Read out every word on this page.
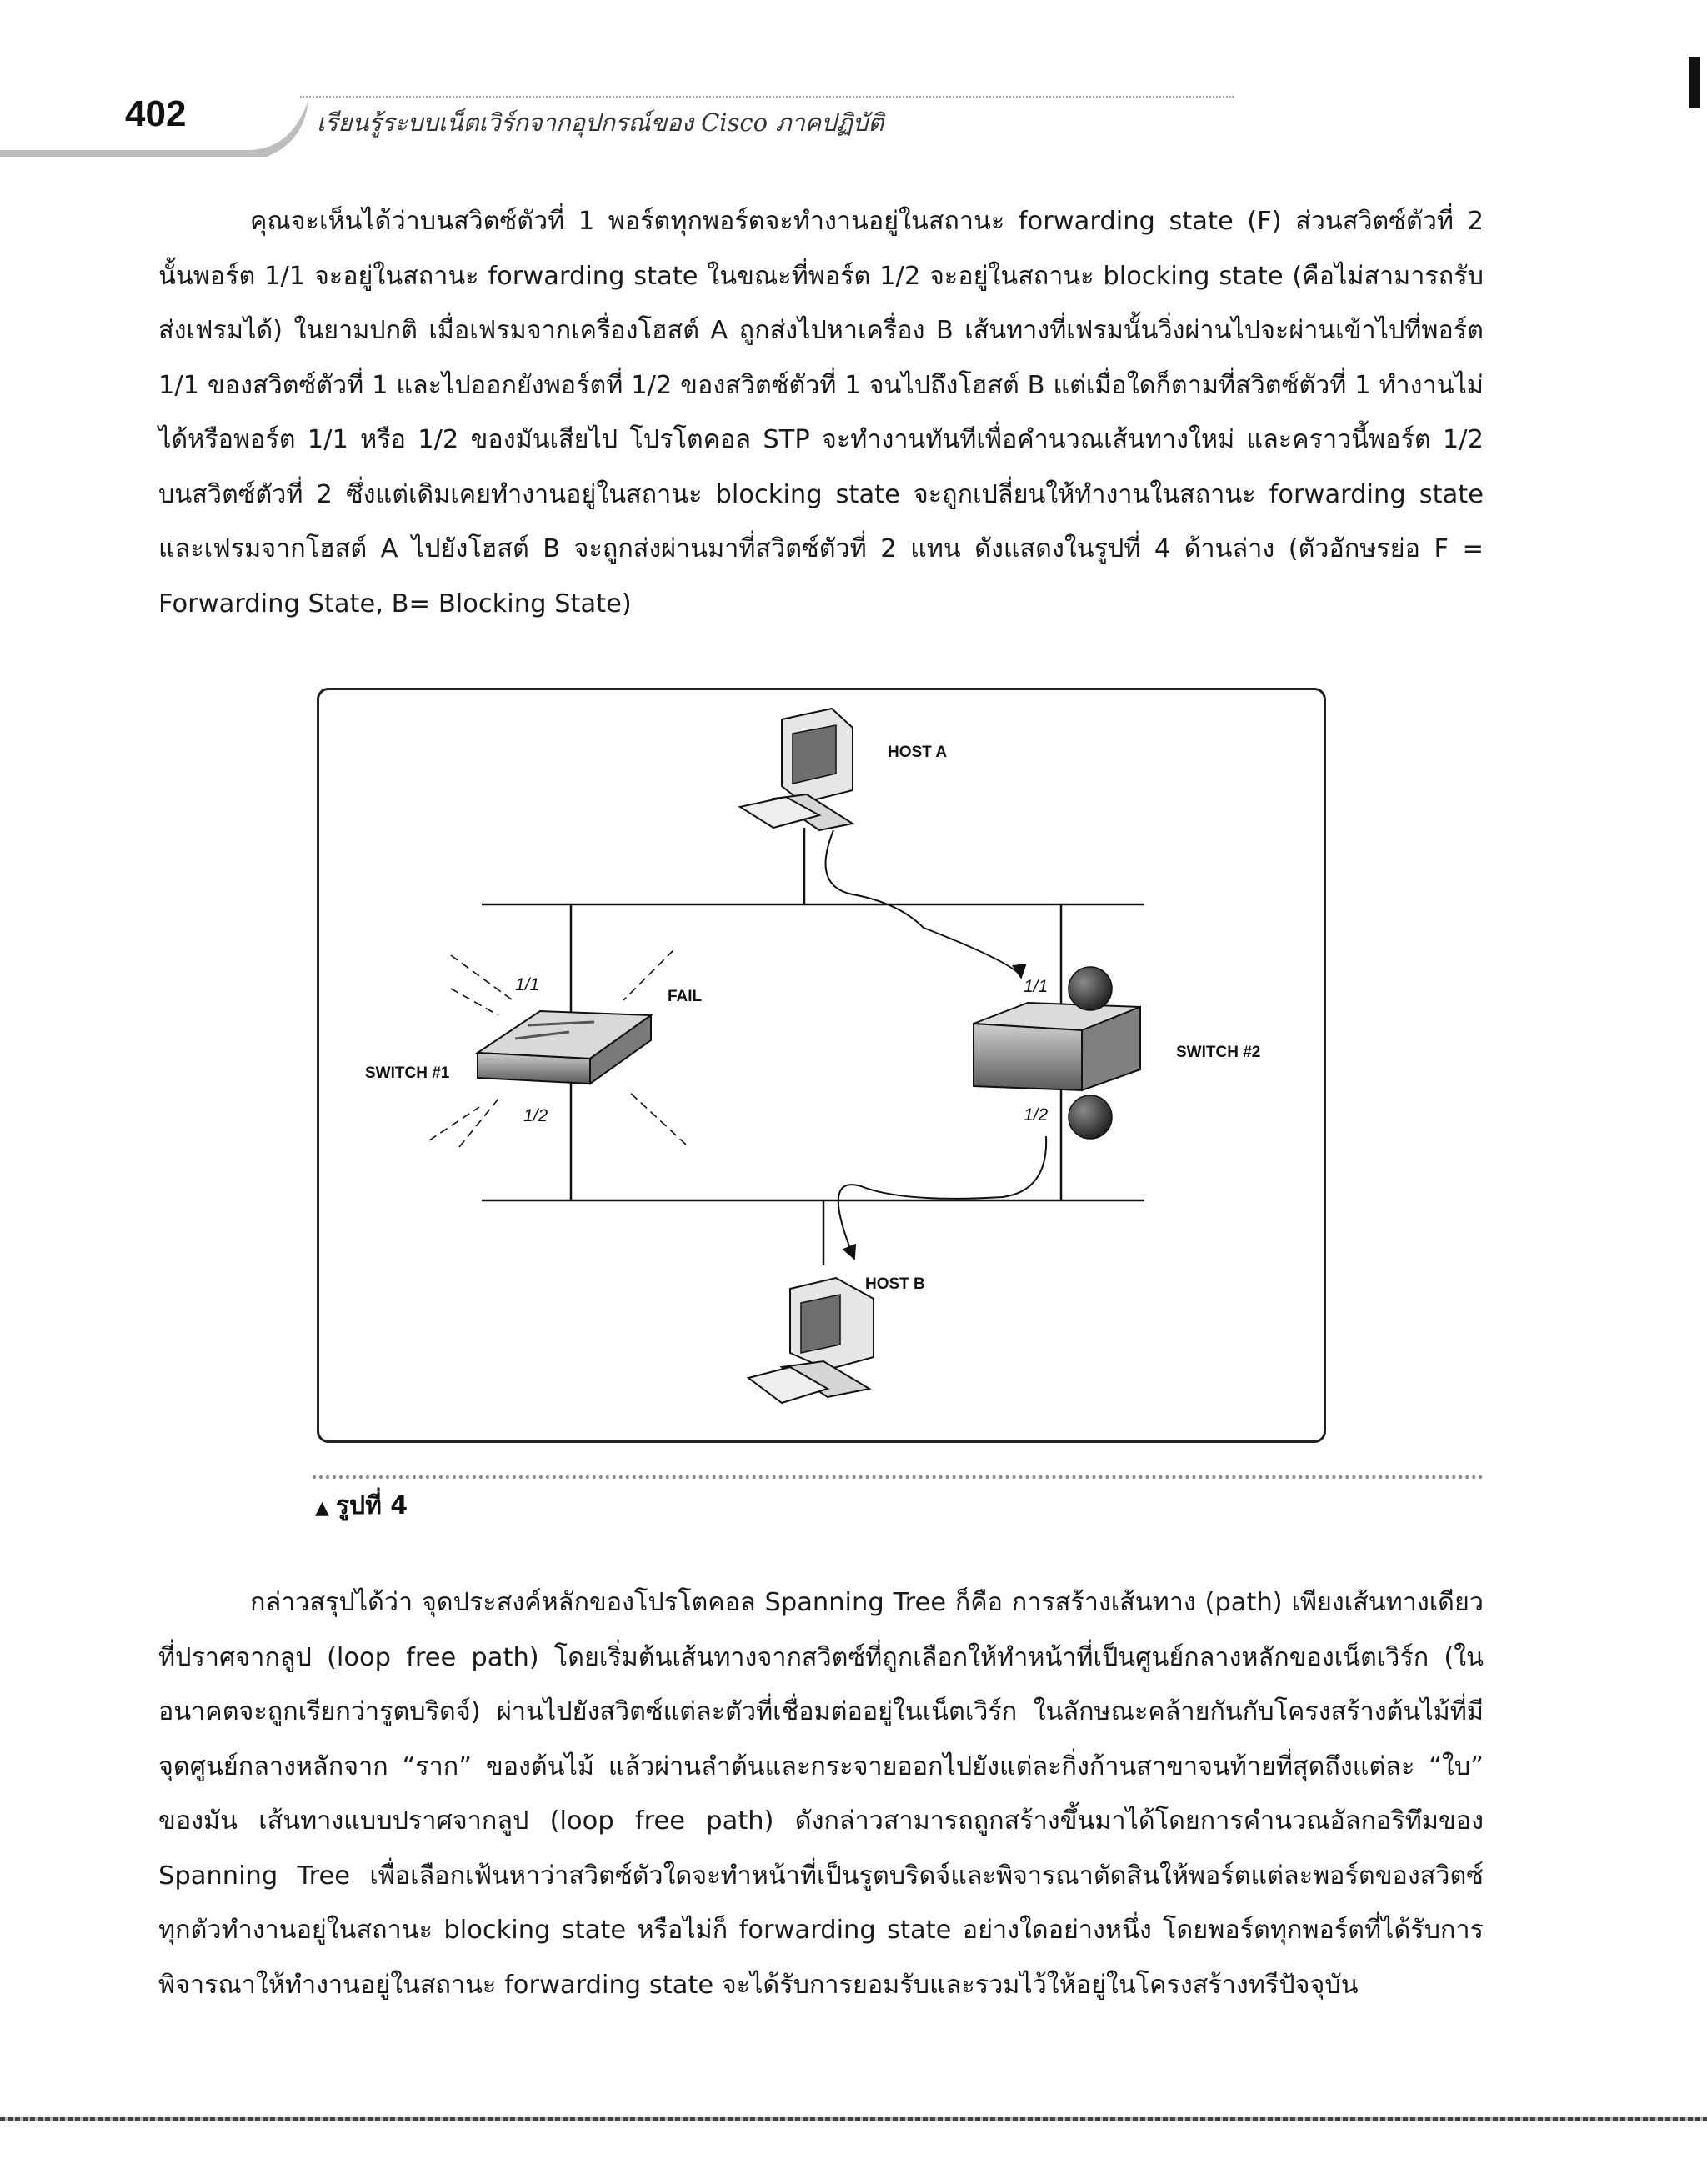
402	เรียนรู้ระบบเน็ตเวิร์กจากอุปกรณ์ของ Cisco ภาคปฏิบัติ

คุณจะเห็นได้ว่าบนสวิตซ์ตัวที่ 1 พอร์ตทุกพอร์ตจะทำงานอยู่ในสถานะ forwarding state (F) ส่วนสวิตซ์ตัวที่ 2 นั้นพอร์ต 1/1 จะอยู่ในสถานะ forwarding state ในขณะที่พอร์ต 1/2 จะอยู่ในสถานะ blocking state (คือไม่สามารถรับส่งเฟรมได้) ในยามปกติ เมื่อเฟรมจากเครื่องโฮสต์ A ถูกส่งไปหาเครื่อง B เส้นทางที่เฟรมนั้นวิ่งผ่านไปจะผ่านเข้าไปที่พอร์ต 1/1 ของสวิตซ์ตัวที่ 1 และไปออกยังพอร์ตที่ 1/2 ของสวิตซ์ตัวที่ 1 จนไปถึงโฮสต์ B แต่เมื่อใดก็ตามที่สวิตซ์ตัวที่ 1 ทำงานไม่ได้หรือพอร์ต 1/1 หรือ 1/2 ของมันเสียไป โปรโตคอล STP จะทำงานทันทีเพื่อคำนวณเส้นทางใหม่ และคราวนี้พอร์ต 1/2 บนสวิตซ์ตัวที่ 2 ซึ่งแต่เดิมเคยทำงานอยู่ในสถานะ blocking state จะถูกเปลี่ยนให้ทำงานในสถานะ forwarding state และเฟรมจากโฮสต์ A ไปยังโฮสต์ B จะถูกส่งผ่านมาที่สวิตซ์ตัวที่ 2 แทน ดังแสดงในรูปที่ 4 ด้านล่าง (ตัวอักษรย่อ F = Forwarding State, B= Blocking State)

HOST A
HOST B
1/1
1/2
FAIL
SWITCH #1
1/1
1/2
SWITCH #2
▲ รูปที่ 4

กล่าวสรุปได้ว่า จุดประสงค์หลักของโปรโตคอล Spanning Tree ก็คือ การสร้างเส้นทาง (path) เพียงเส้นทางเดียวที่ปราศจากลูป (loop free path) โดยเริ่มต้นเส้นทางจากสวิตซ์ที่ถูกเลือกให้ทำหน้าที่เป็นศูนย์กลางหลักของเน็ตเวิร์ก (ในอนาคตจะถูกเรียกว่ารูตบริดจ์) ผ่านไปยังสวิตซ์แต่ละตัวที่เชื่อมต่ออยู่ในเน็ตเวิร์ก ในลักษณะคล้ายกันกับโครงสร้างต้นไม้ที่มีจุดศูนย์กลางหลักจาก “ราก” ของต้นไม้ แล้วผ่านลำต้นและกระจายออกไปยังแต่ละกิ่งก้านสาขาจนท้ายที่สุดถึงแต่ละ “ใบ” ของมัน เส้นทางแบบปราศจากลูป (loop free path) ดังกล่าวสามารถถูกสร้างขึ้นมาได้โดยการคำนวณอัลกอริทึมของ Spanning Tree เพื่อเลือกเฟ้นหาว่าสวิตซ์ตัวใดจะทำหน้าที่เป็นรูตบริดจ์และพิจารณาตัดสินให้พอร์ตแต่ละพอร์ตของสวิตซ์ทุกตัวทำงานอยู่ในสถานะ blocking state หรือไม่ก็ forwarding state อย่างใดอย่างหนึ่ง โดยพอร์ตทุกพอร์ตที่ได้รับการพิจารณาให้ทำงานอยู่ในสถานะ forwarding state จะได้รับการยอมรับและรวมไว้ให้อยู่ในโครงสร้างทรีปัจจุบัน
